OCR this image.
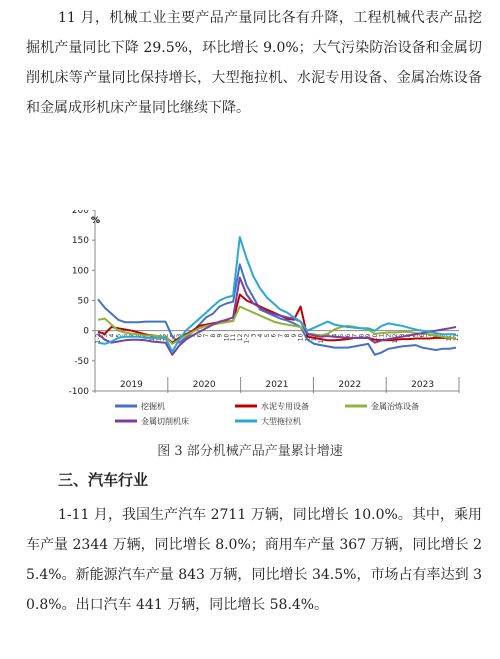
11 月，机械工业主要产品产量同比各有升降，工程机械代表产品挖掘机产量同比下降 29.5%，环比增长 9.0%；大气污染防治设备和金属切削机床等产量同比保持增长，大型拖拉机、水泥专用设备、金属冶炼设备和金属成形机床产量同比继续下降。

%
200
150
100
50
0
-50
-100
1-2 3 4 5 6 7 8 9 10 11 12 1-2 3 4 5 6 7 8 9 10 11 12 1-2 3 4 5 6 7 8 9 10 11 12 1-2 3 4 5 6 7 8 9 10 11 12 1-2 3 4 5 6 7 8 9 10 11
2019	2020	2021	2022	2023
挖掘机	水泥专用设备	金属冶炼设备
金属切削机床	大型拖拉机
图 3 部分机械产品产量累计增速
三、汽车行业

1-11 月，我国生产汽车 2711 万辆，同比增长 10.0%。其中，乘用车产量 2344 万辆，同比增长 8.0%；商用车产量 367 万辆，同比增长 25.4%。新能源汽车产量 843 万辆，同比增长 34.5%，市场占有率达到 30.8%。出口汽车 441 万辆，同比增长 58.4%。
